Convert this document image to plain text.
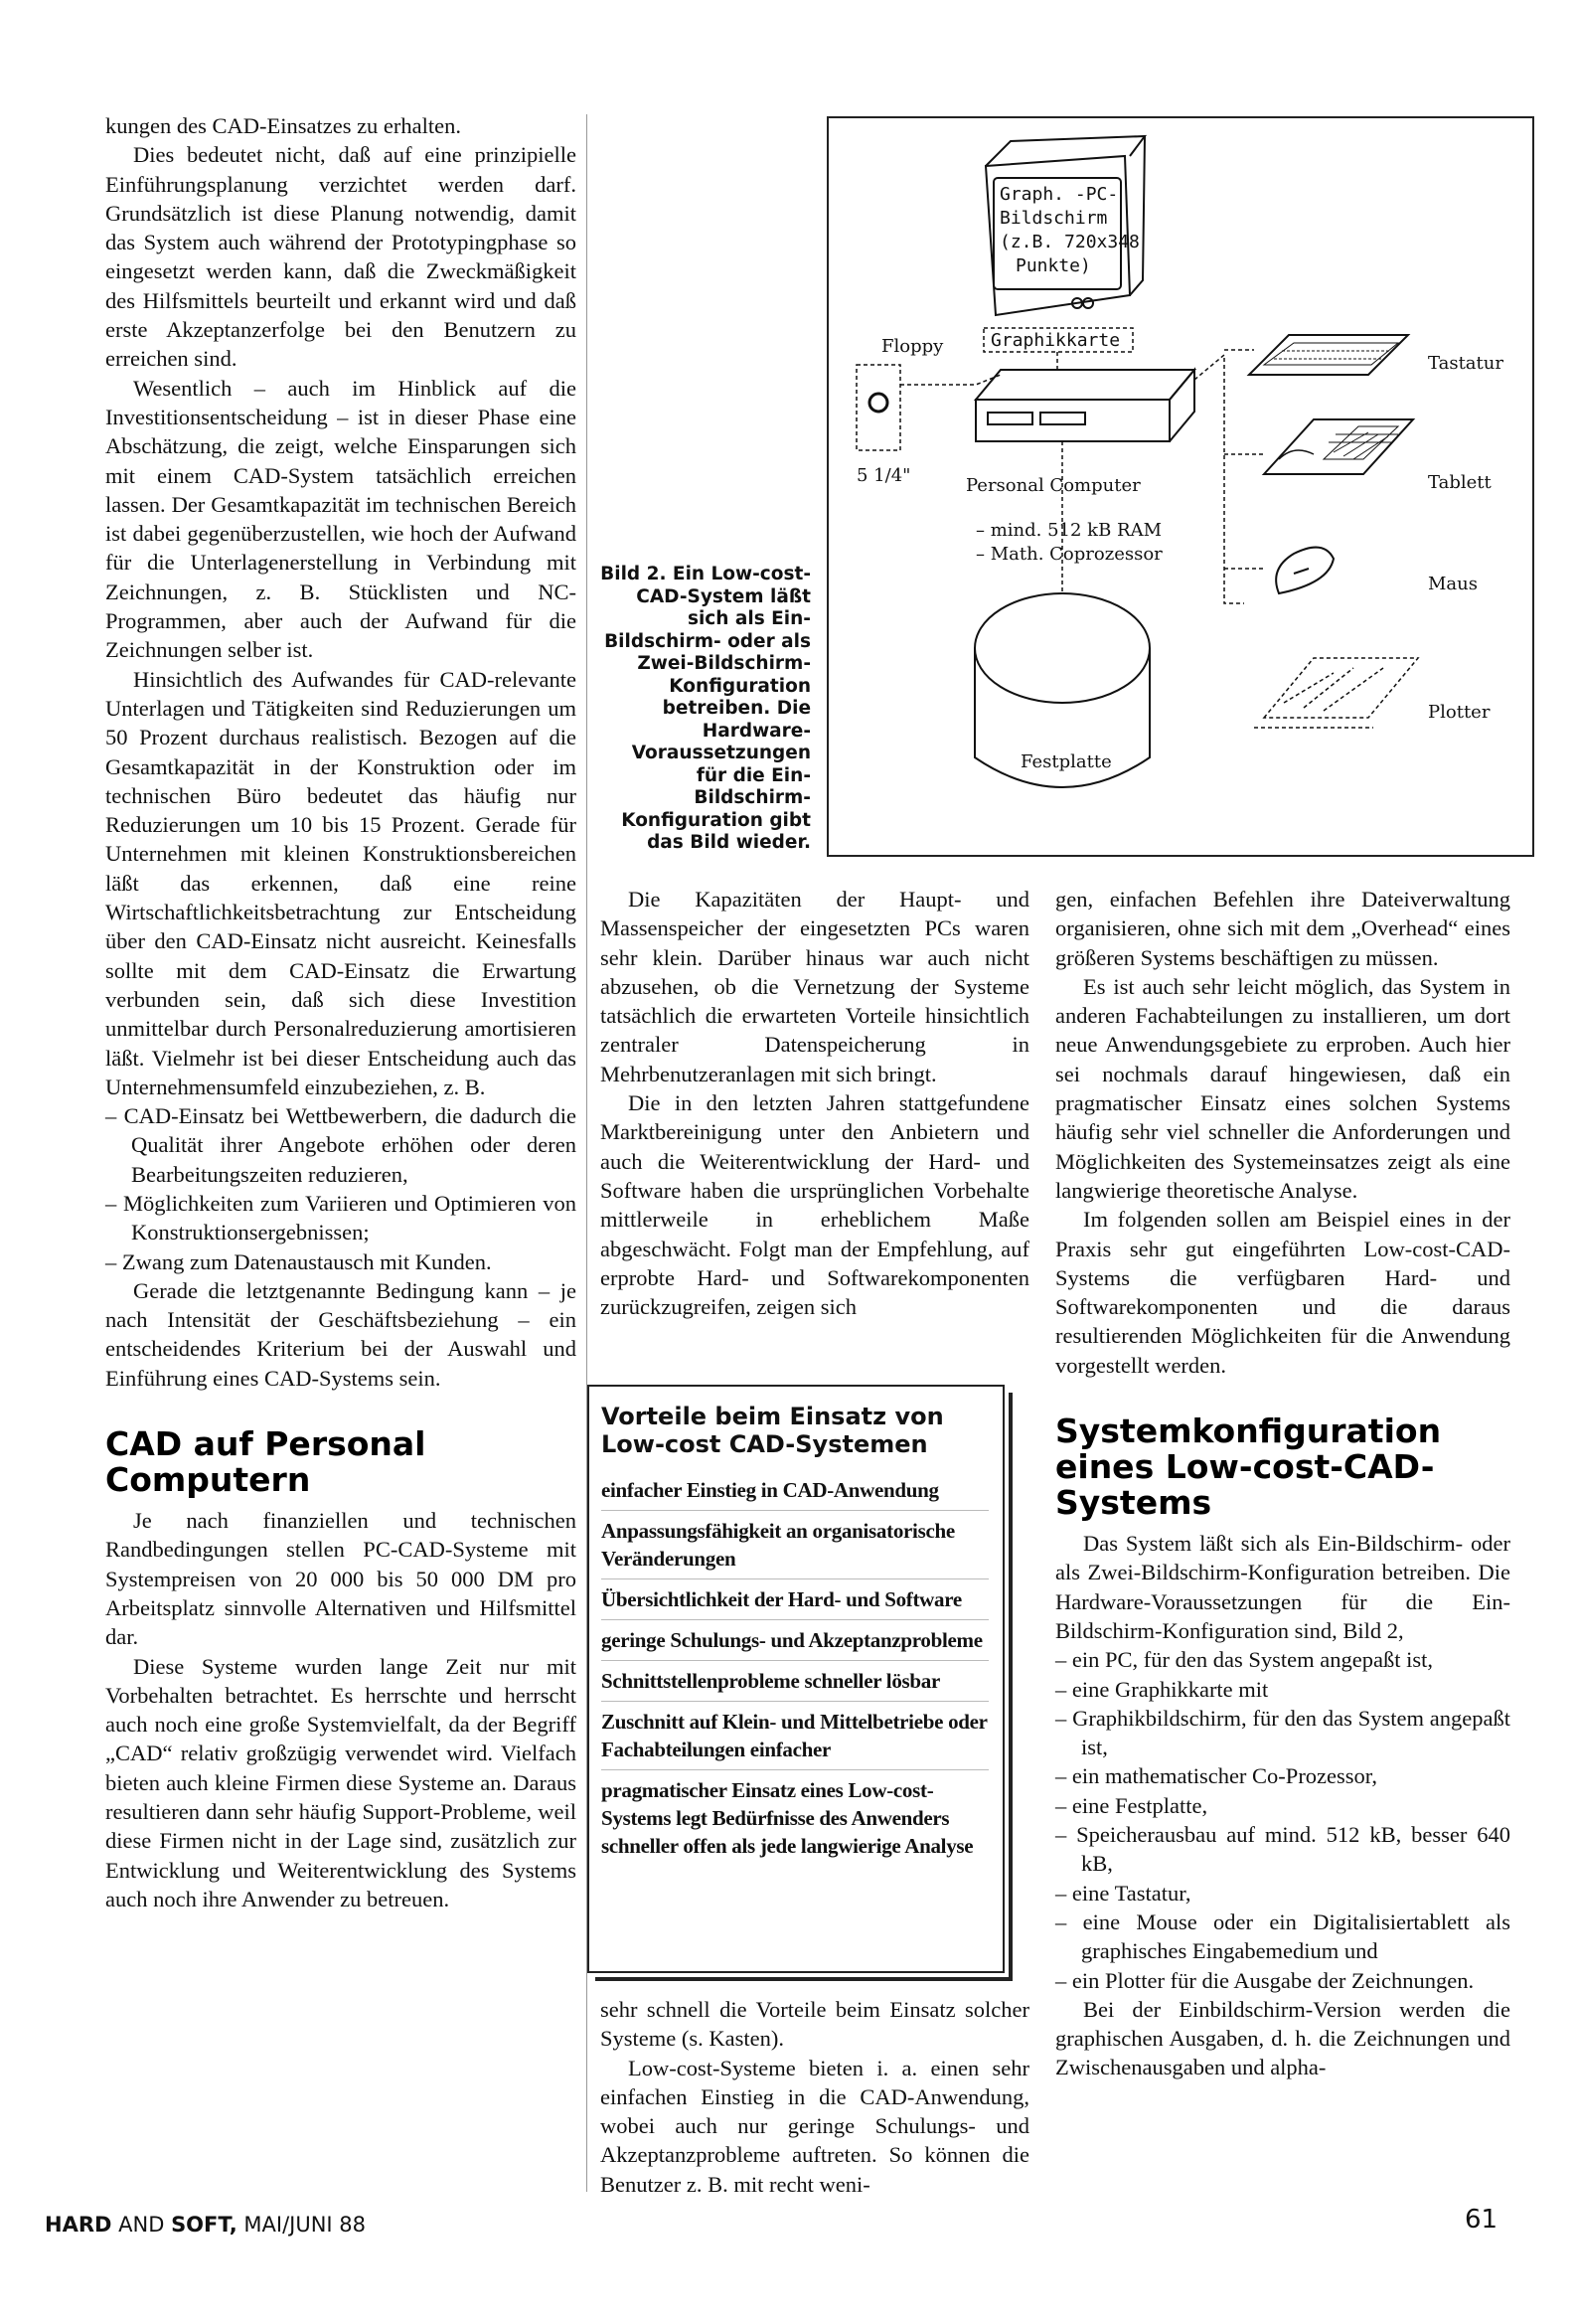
kungen des CAD-Einsatzes zu erhalten.

Dies bedeutet nicht, daß auf eine prinzipielle Einführungsplanung verzichtet werden darf. Grundsätzlich ist diese Planung notwendig, damit das System auch während der Prototypingphase so eingesetzt werden kann, daß die Zweckmäßigkeit des Hilfsmittels beurteilt und erkannt wird und daß erste Akzeptanzerfolge bei den Benutzern zu erreichen sind.

Wesentlich – auch im Hinblick auf die Investitionsentscheidung – ist in dieser Phase eine Abschätzung, die zeigt, welche Einsparungen sich mit einem CAD-System tatsächlich erreichen lassen. Der Gesamtkapazität im technischen Bereich ist dabei gegenüberzustellen, wie hoch der Aufwand für die Unterlagenerstellung in Verbindung mit Zeichnungen, z. B. Stücklisten und NC-Programmen, aber auch der Aufwand für die Zeichnungen selber ist.

Hinsichtlich des Aufwandes für CAD-relevante Unterlagen und Tätigkeiten sind Reduzierungen um 50 Prozent durchaus realistisch. Bezogen auf die Gesamtkapazität in der Konstruktion oder im technischen Büro bedeutet das häufig nur Reduzierungen um 10 bis 15 Prozent. Gerade für Unternehmen mit kleinen Konstruktionsbereichen läßt das erkennen, daß eine reine Wirtschaftlichkeitsbetrachtung zur Entscheidung über den CAD-Einsatz nicht ausreicht. Keinesfalls sollte mit dem CAD-Einsatz die Erwartung verbunden sein, daß sich diese Investition unmittelbar durch Personalreduzierung amortisieren läßt. Vielmehr ist bei dieser Entscheidung auch das Unternehmensumfeld einzubeziehen, z. B.

– CAD-Einsatz bei Wettbewerbern, die dadurch die Qualität ihrer Angebote erhöhen oder deren Bearbeitungszeiten reduzieren,
– Möglichkeiten zum Variieren und Optimieren von Konstruktionsergebnissen;
– Zwang zum Datenaustausch mit Kunden.

Gerade die letztgenannte Bedingung kann – je nach Intensität der Geschäftsbeziehung – ein entscheidendes Kriterium bei der Auswahl und Einführung eines CAD-Systems sein.

CAD auf Personal Computern

Je nach finanziellen und technischen Randbedingungen stellen PC-CAD-Systeme mit Systempreisen von 20 000 bis 50 000 DM pro Arbeitsplatz sinnvolle Alternativen und Hilfsmittel dar.

Diese Systeme wurden lange Zeit nur mit Vorbehalten betrachtet. Es herrschte und herrscht auch noch eine große Systemvielfalt, da der Begriff „CAD“ relativ großzügig verwendet wird. Vielfach bieten auch kleine Firmen diese Systeme an. Daraus resultieren dann sehr häufig Support-Probleme, weil diese Firmen nicht in der Lage sind, zusätzlich zur Entwicklung und Weiterentwicklung des Systems auch noch ihre Anwender zu betreuen.

Bild 2. Ein Low-cost-CAD-System läßt sich als Ein-Bildschirm- oder als Zwei-Bildschirm-Konfiguration betreiben. Die Hardware-Voraussetzungen für die Ein-Bildschirm-Konfiguration gibt das Bild wieder.
Graph. -PC-
Bildschirm
(z.B. 720x348
Punkte)
Graphikkarte
Personal Computer
– mind. 512 kB RAM
– Math. Coprozessor
Floppy
5 1/4"
Tastatur
Tablett
Maus
Plotter
Festplatte

Die Kapazitäten der Haupt- und Massenspeicher der eingesetzten PCs waren sehr klein. Darüber hinaus war auch nicht abzusehen, ob die Vernetzung der Systeme tatsächlich die erwarteten Vorteile hinsichtlich zentraler Datenspeicherung in Mehrbenutzeranlagen mit sich bringt.

Die in den letzten Jahren stattgefundene Marktbereinigung unter den Anbietern und auch die Weiterentwicklung der Hard- und Software haben die ursprünglichen Vorbehalte mittlerweile in erheblichem Maße abgeschwächt. Folgt man der Empfehlung, auf erprobte Hard- und Softwarekomponenten zurückzugreifen, zeigen sich

Vorteile beim Einsatz von Low-cost CAD-Systemen
einfacher Einstieg in CAD-Anwendung
Anpassungsfähigkeit an organisatorische Veränderungen
Übersichtlichkeit der Hard- und Software
geringe Schulungs- und Akzeptanzprobleme
Schnittstellenprobleme schneller lösbar
Zuschnitt auf Klein- und Mittelbetriebe oder Fachabteilungen einfacher
pragmatischer Einsatz eines Low-cost-Systems legt Bedürfnisse des Anwenders schneller offen als jede langwierige Analyse

sehr schnell die Vorteile beim Einsatz solcher Systeme (s. Kasten).

Low-cost-Systeme bieten i. a. einen sehr einfachen Einstieg in die CAD-Anwendung, wobei auch nur geringe Schulungs- und Akzeptanzprobleme auftreten. So können die Benutzer z. B. mit recht weni-

gen, einfachen Befehlen ihre Dateiverwaltung organisieren, ohne sich mit dem „Overhead“ eines größeren Systems beschäftigen zu müssen.

Es ist auch sehr leicht möglich, das System in anderen Fachabteilungen zu installieren, um dort neue Anwendungsgebiete zu erproben. Auch hier sei nochmals darauf hingewiesen, daß ein pragmatischer Einsatz eines solchen Systems häufig sehr viel schneller die Anforderungen und Möglichkeiten des Systemeinsatzes zeigt als eine langwierige theoretische Analyse.

Im folgenden sollen am Beispiel eines in der Praxis sehr gut eingeführten Low-cost-CAD-Systems die verfügbaren Hard- und Softwarekomponenten und die daraus resultierenden Möglichkeiten für die Anwendung vorgestellt werden.

Systemkonfiguration eines Low-cost-CAD-Systems

Das System läßt sich als Ein-Bildschirm- oder als Zwei-Bildschirm-Konfiguration betreiben. Die Hardware-Voraussetzungen für die Ein-Bildschirm-Konfiguration sind, Bild 2,

– ein PC, für den das System angepaßt ist,
– eine Graphikkarte mit
– Graphikbildschirm, für den das System angepaßt ist,
– ein mathematischer Co-Prozessor,
– eine Festplatte,
– Speicherausbau auf mind. 512 kB, besser 640 kB,
– eine Tastatur,
– eine Mouse oder ein Digitalisiertablett als graphisches Eingabemedium und
– ein Plotter für die Ausgabe der Zeichnungen.

Bei der Einbildschirm-Version werden die graphischen Ausgaben, d. h. die Zeichnungen und Zwischenausgaben und alpha-

HARD AND SOFT, MAI/JUNI 88	61
